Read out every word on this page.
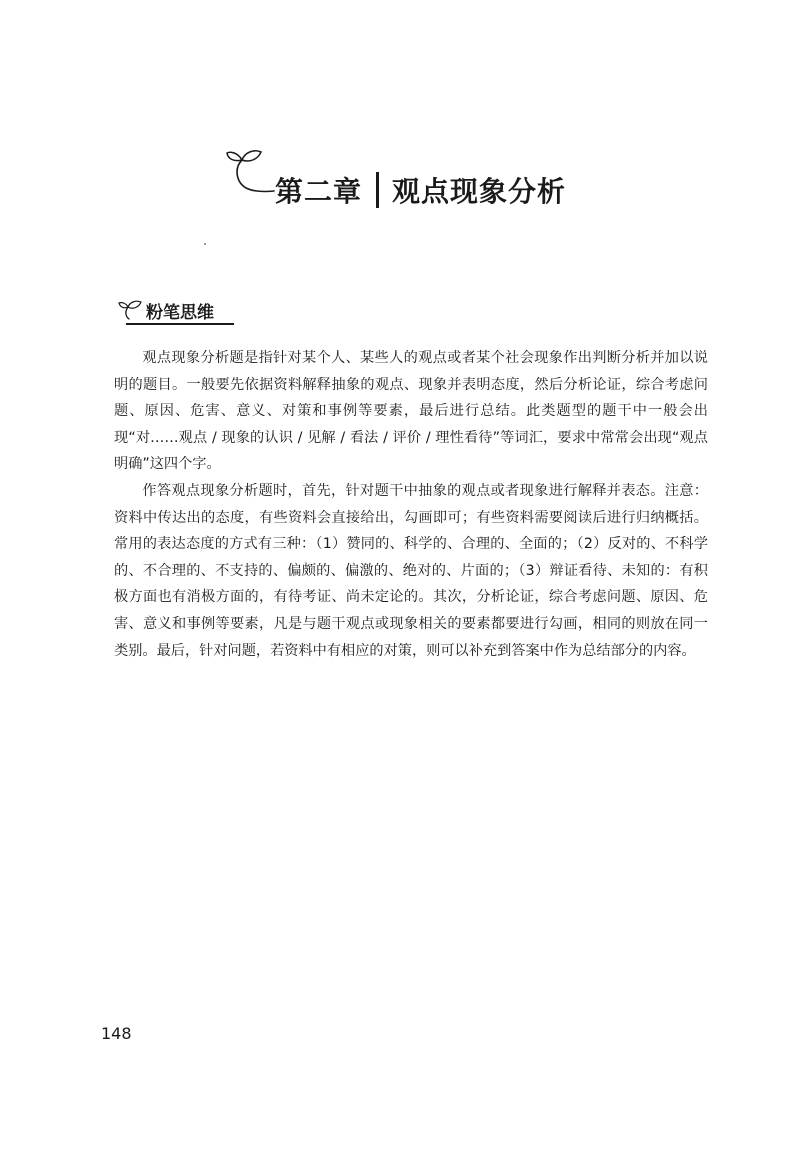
第二章 观点现象分析
粉笔思维

观点现象分析题是指针对某个人、某些人的观点或者某个社会现象作出判断分析并加以说明的题目。一般要先依据资料解释抽象的观点、现象并表明态度，然后分析论证，综合考虑问题、原因、危害、意义、对策和事例等要素，最后进行总结。此类题型的题干中一般会出现“对……观点 / 现象的认识 / 见解 / 看法 / 评价 / 理性看待”等词汇，要求中常常会出现“观点明确”这四个字。

作答观点现象分析题时，首先，针对题干中抽象的观点或者现象进行解释并表态。注意：资料中传达出的态度，有些资料会直接给出，勾画即可；有些资料需要阅读后进行归纳概括。常用的表达态度的方式有三种：（1）赞同的、科学的、合理的、全面的；（2）反对的、不科学的、不合理的、不支持的、偏颇的、偏激的、绝对的、片面的；（3）辩证看待、未知的：有积极方面也有消极方面的，有待考证、尚未定论的。其次，分析论证，综合考虑问题、原因、危害、意义和事例等要素，凡是与题干观点或现象相关的要素都要进行勾画，相同的则放在同一类别。最后，针对问题，若资料中有相应的对策，则可以补充到答案中作为总结部分的内容。

148
